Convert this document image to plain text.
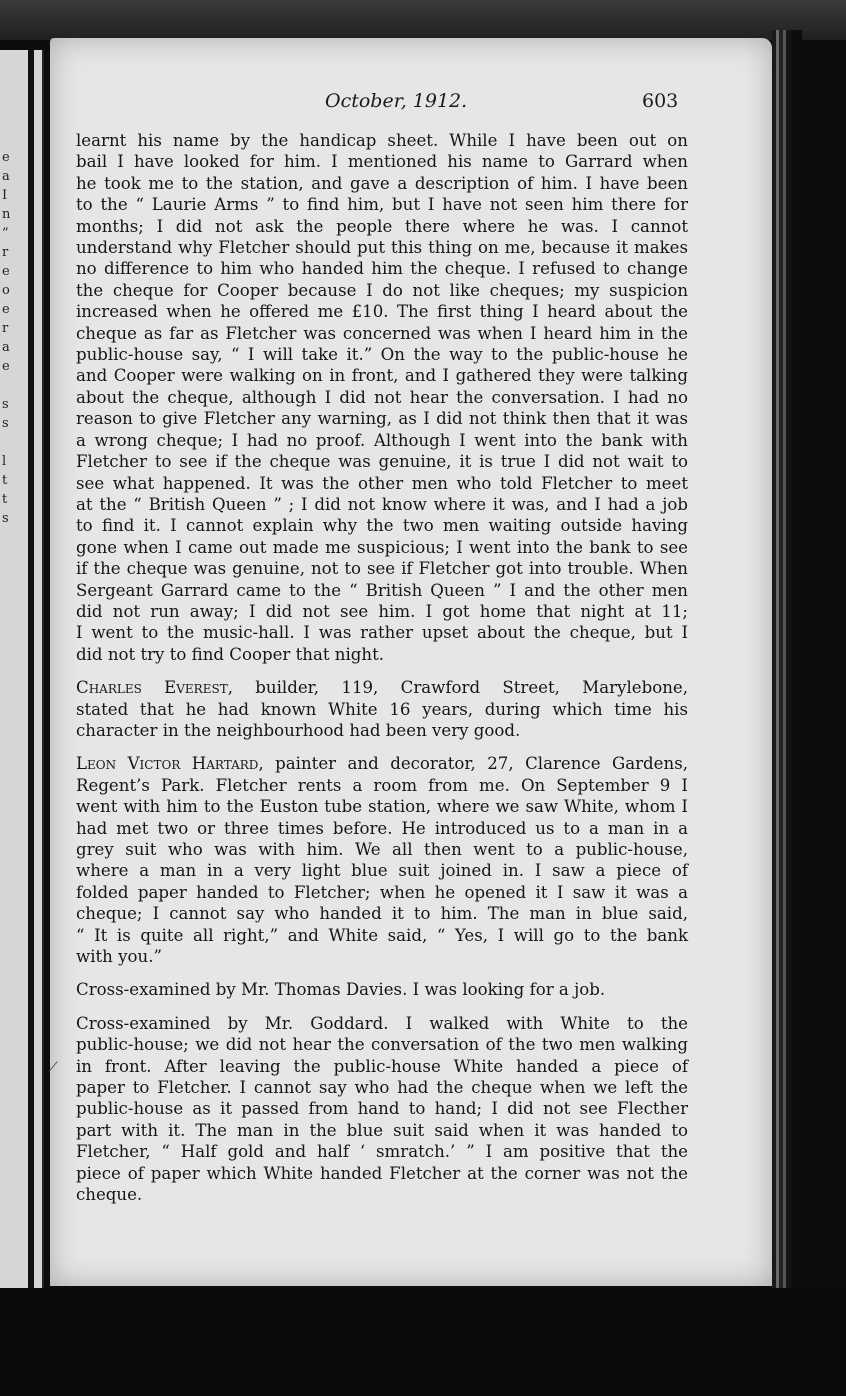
e
a
I
n
”
r
e
o
e
r
a
e
s
s
l
t
t
s
October, 1912.	603

learnt his name by the handicap sheet. While I have been out on
bail I have looked for him. I mentioned his name to Garrard when
he took me to the station, and gave a description of him. I have been
to the “ Laurie Arms ” to find him, but I have not seen him there for
months; I did not ask the people there where he was. I cannot
understand why Fletcher should put this thing on me, because it makes
no difference to him who handed him the cheque. I refused to change
the cheque for Cooper because I do not like cheques; my suspicion
increased when he offered me £10. The first thing I heard about the
cheque as far as Fletcher was concerned was when I heard him in the
public-house say, “ I will take it.” On the way to the public-house he
and Cooper were walking on in front, and I gathered they were talking
about the cheque, although I did not hear the conversation. I had no
reason to give Fletcher any warning, as I did not think then that it was
a wrong cheque; I had no proof. Although I went into the bank with
Fletcher to see if the cheque was genuine, it is true I did not wait to
see what happened. It was the other men who told Fletcher to meet
at the “ British Queen ” ; I did not know where it was, and I had a job
to find it. I cannot explain why the two men waiting outside having
gone when I came out made me suspicious; I went into the bank to see
if the cheque was genuine, not to see if Fletcher got into trouble. When
Sergeant Garrard came to the “ British Queen ” I and the other men
did not run away; I did not see him. I got home that night at 11;
I went to the music-hall. I was rather upset about the cheque, but I
did not try to find Cooper that night.

Charles Everest, builder, 119, Crawford Street, Marylebone,
stated that he had known White 16 years, during which time his
character in the neighbourhood had been very good.

Leon Victor Hartard, painter and decorator, 27, Clarence Gardens,
Regent’s Park. Fletcher rents a room from me. On September 9 I
went with him to the Euston tube station, where we saw White, whom I
had met two or three times before. He introduced us to a man in a
grey suit who was with him. We all then went to a public-house,
where a man in a very light blue suit joined in. I saw a piece of
folded paper handed to Fletcher; when he opened it I saw it was a
cheque; I cannot say who handed it to him. The man in blue said,
“ It is quite all right,” and White said, “ Yes, I will go to the bank
with you.”

Cross-examined by Mr. Thomas Davies. I was looking for a job.

Cross-examined by Mr. Goddard. I walked with White to the
public-house; we did not hear the conversation of the two men walking
in front. After leaving the public-house White handed a piece of
paper to Fletcher. I cannot say who had the cheque when we left the
public-house as it passed from hand to hand; I did not see Flecther
part with it. The man in the blue suit said when it was handed to
Fletcher, “ Half gold and half ‘ smratch.’ ” I am positive that the
piece of paper which White handed Fletcher at the corner was not the
cheque.

⟋
